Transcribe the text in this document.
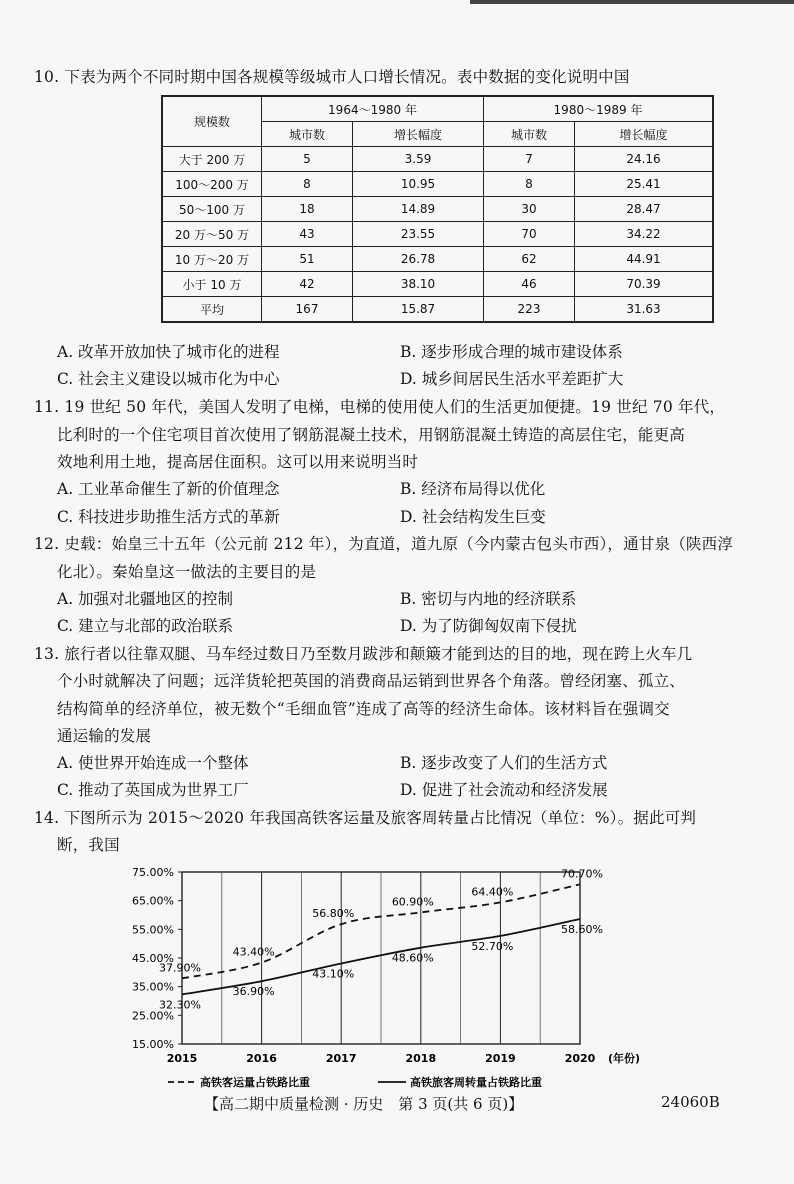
10. 下表为两个不同时期中国各规模等级城市人口增长情况。表中数据的变化说明中国
规模数	1964～1980 年		1980～1989 年	
	城市数	增长幅度	城市数	增长幅度
大于 200 万	5	3.59	7	24.16
100～200 万	8	10.95	8	25.41
50～100 万	18	14.89	30	28.47
20 万～50 万	43	23.55	70	34.22
10 万～20 万	51	26.78	62	44.91
小于 10 万	42	38.10	46	70.39
平均	167	15.87	223	31.63
A. 改革开放加快了城市化的进程	B. 逐步形成合理的城市建设体系
C. 社会主义建设以城市化为中心	D. 城乡间居民生活水平差距扩大
11. 19 世纪 50 年代，美国人发明了电梯，电梯的使用使人们的生活更加便捷。19 世纪 70 年代，
比利时的一个住宅项目首次使用了钢筋混凝土技术，用钢筋混凝土铸造的高层住宅，能更高
效地利用土地，提高居住面积。这可以用来说明当时
A. 工业革命催生了新的价值理念	B. 经济布局得以优化
C. 科技进步助推生活方式的革新	D. 社会结构发生巨变
12. 史载：始皇三十五年（公元前 212 年），为直道，道九原（今内蒙古包头市西），通甘泉（陕西淳
化北）。秦始皇这一做法的主要目的是
A. 加强对北疆地区的控制	B. 密切与内地的经济联系
C. 建立与北部的政治联系	D. 为了防御匈奴南下侵扰
13. 旅行者以往靠双腿、马车经过数日乃至数月跋涉和颠簸才能到达的目的地，现在跨上火车几
个小时就解决了问题；远洋货轮把英国的消费商品运销到世界各个角落。曾经闭塞、孤立、
结构简单的经济单位，被无数个“毛细血管”连成了高等的经济生命体。该材料旨在强调交
通运输的发展
A. 使世界开始连成一个整体	B. 逐步改变了人们的生活方式
C. 推动了英国成为世界工厂	D. 促进了社会流动和经济发展
14. 下图所示为 2015～2020 年我国高铁客运量及旅客周转量占比情况（单位：%）。据此可判
断，我国
75.00%
65.00%
55.00%
45.00%
35.00%
25.00%
15.00%
2015	2016	2017	2018	2019	2020 (年份)
37.90%
43.40%
56.80%
60.90%
64.40%
70.70%
32.30%
36.90%
43.10%
48.60%
52.70%
58.60%
高铁客运量占铁路比重	高铁旅客周转量占铁路比重
【高二期中质量检测 · 历史　第 3 页(共 6 页)】	24060B
